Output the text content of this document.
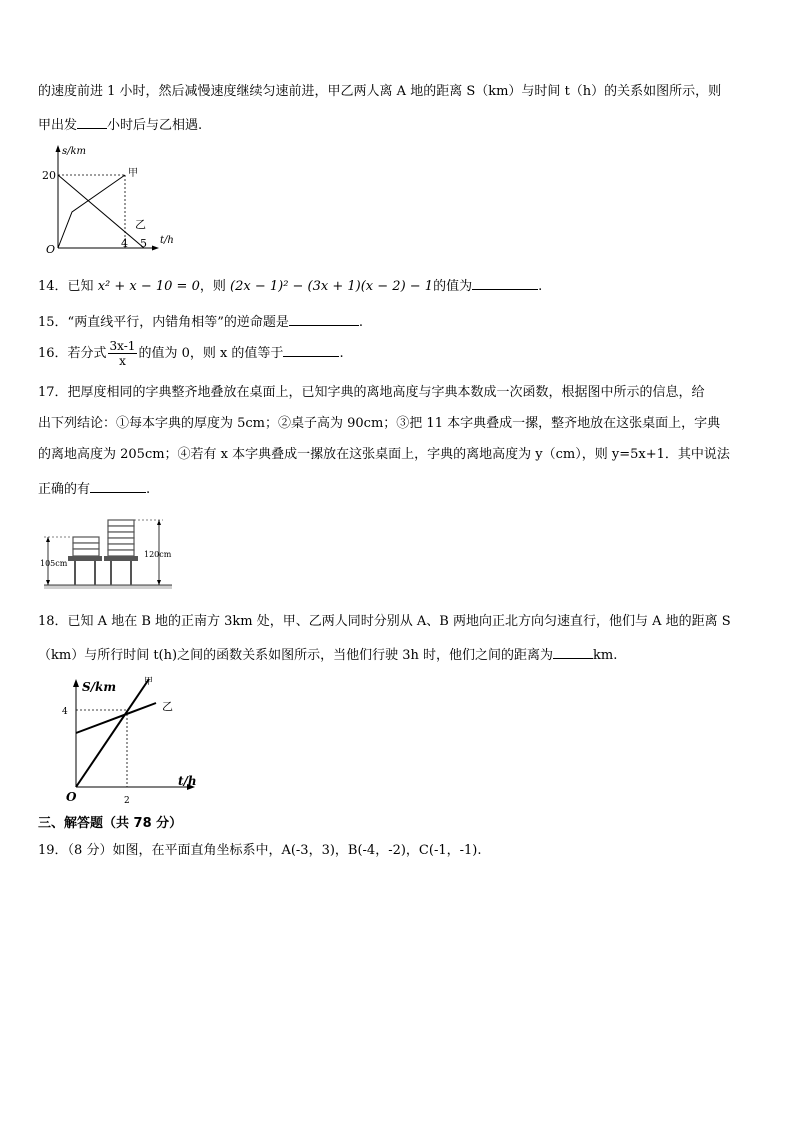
的速度前进 1 小时，然后减慢速度继续匀速前进，甲乙两人离 A 地的距离 S（km）与时间 t（h）的关系如图所示，则
甲出发 小时后与乙相遇.
s/km
t/h
O
20
4 5
甲
乙
14．已知 x² + x − 10 = 0，则 (2x − 1)² − (3x + 1)(x − 2) − 1的值为	.
15．“两直线平行，内错角相等”的逆命题是	.
16．若分式 $\frac{3x-1}{x}$ 的值为 0，则 x 的值等于	.
17．把厚度相同的字典整齐地叠放在桌面上，已知字典的离地高度与字典本数成一次函数，根据图中所示的信息，给
出下列结论：①每本字典的厚度为 5cm；②桌子高为 90cm；③把 11 本字典叠成一摞，整齐地放在这张桌面上，字典
的离地高度为 205cm；④若有 x 本字典叠成一摞放在这张桌面上，字典的离地高度为 y（cm），则 y=5x+1．其中说法
正确的有	.
105cm
120cm
18．已知 A 地在 B 地的正南方 3km 处，甲、乙两人同时分别从 A、B 两地向正北方向匀速直行，他们与 A 地的距离 S
（km）与所行时间 t(h)之间的函数关系如图所示，当他们行驶 3h 时，他们之间的距离为	km.
S/km
t/h
O
4
2
甲
乙
三、解答题（共 78 分）
19．（8 分）如图，在平面直角坐标系中，A(-3，3)，B(-4，-2)，C(-1，-1).
